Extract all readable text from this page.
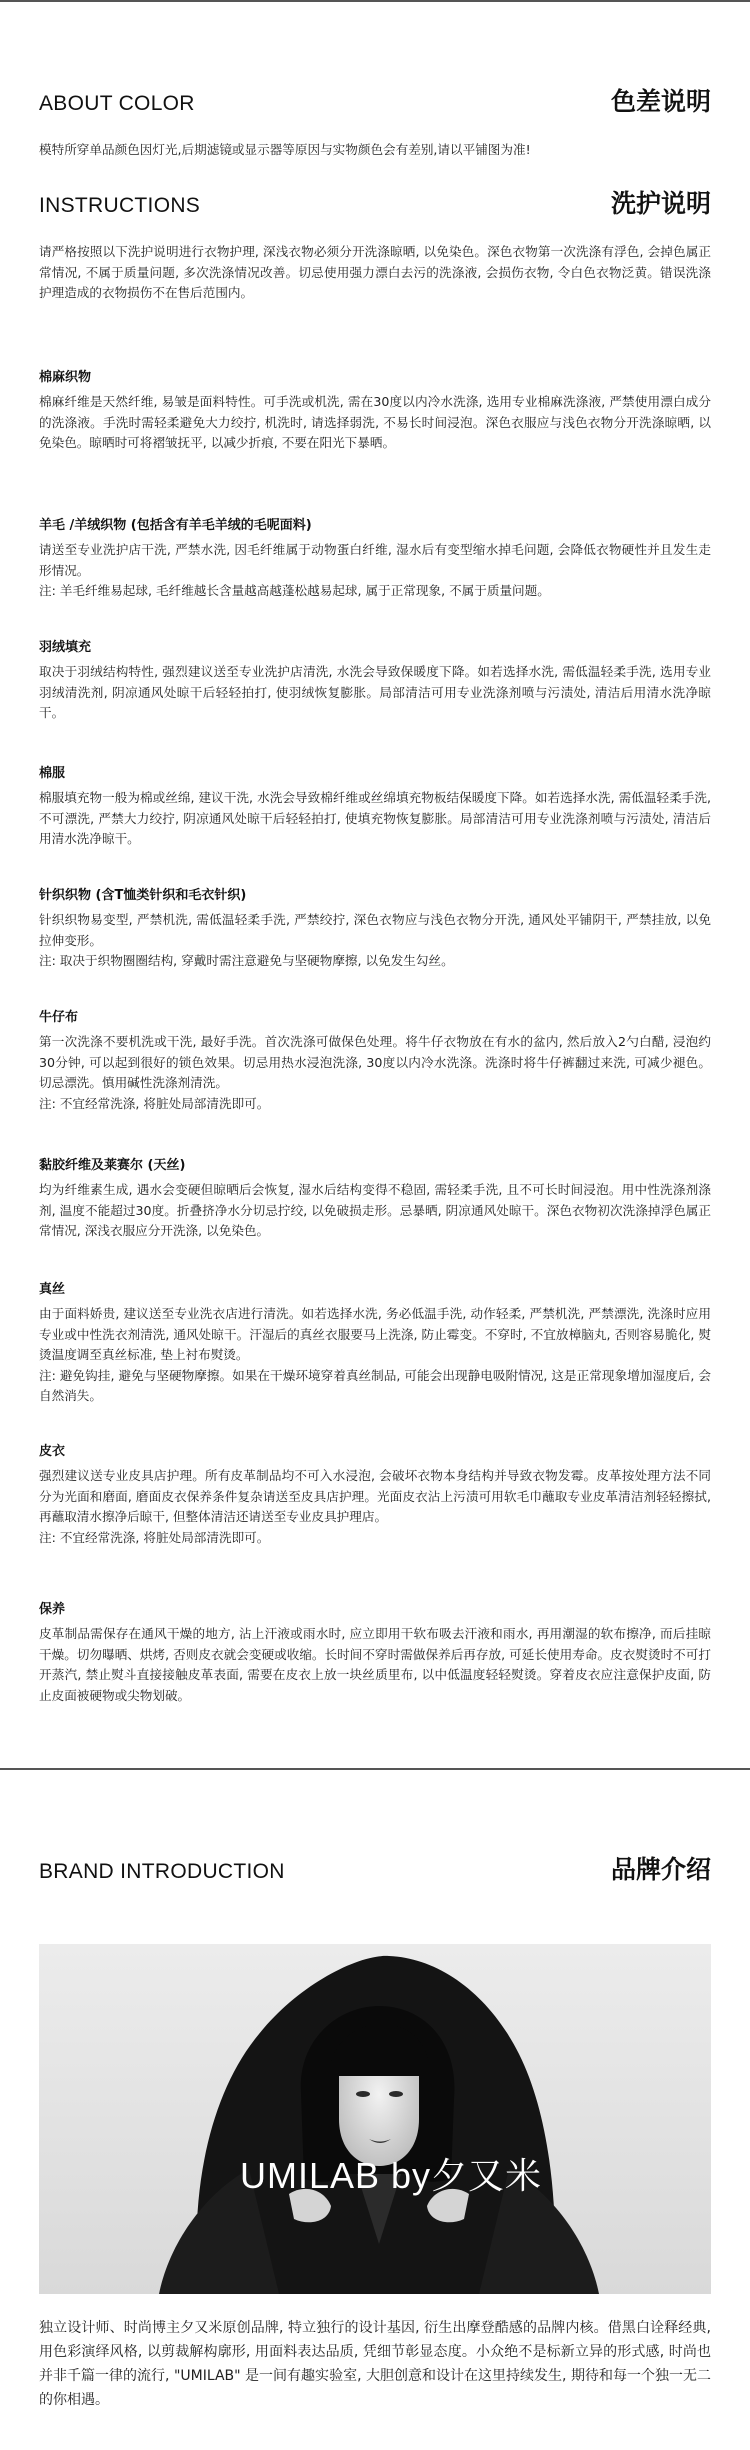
ABOUT COLOR	色差说明

模特所穿单品颜色因灯光,后期滤镜或显示器等原因与实物颜色会有差别,请以平铺图为准!

INSTRUCTIONS	洗护说明

请严格按照以下洗护说明进行衣物护理, 深浅衣物必须分开洗涤晾晒, 以免染色。深色衣物第一次洗涤有浮色, 会掉色属正常情况, 不属于质量问题, 多次洗涤情况改善。切忌使用强力漂白去污的洗涤液, 会损伤衣物, 令白色衣物泛黄。错误洗涤护理造成的衣物损伤不在售后范围内。

棉麻织物

棉麻纤维是天然纤维, 易皱是面料特性。可手洗或机洗, 需在30度以内冷水洗涤, 选用专业棉麻洗涤液, 严禁使用漂白成分的洗涤液。手洗时需轻柔避免大力绞拧, 机洗时, 请选择弱洗, 不易长时间浸泡。深色衣服应与浅色衣物分开洗涤晾晒, 以免染色。晾晒时可将褶皱抚平, 以减少折痕, 不要在阳光下暴晒。

羊毛 /羊绒织物 (包括含有羊毛羊绒的毛呢面料)

请送至专业洗护店干洗, 严禁水洗, 因毛纤维属于动物蛋白纤维, 湿水后有变型缩水掉毛问题, 会降低衣物硬性并且发生走形情况。
注: 羊毛纤维易起球, 毛纤维越长含量越高越蓬松越易起球, 属于正常现象, 不属于质量问题。

羽绒填充

取决于羽绒结构特性, 强烈建议送至专业洗护店清洗, 水洗会导致保暖度下降。如若选择水洗, 需低温轻柔手洗, 选用专业羽绒清洗剂, 阴凉通风处晾干后轻轻拍打, 使羽绒恢复膨胀。局部清洁可用专业洗涤剂喷与污渍处, 清洁后用清水洗净晾干。

棉服

棉服填充物一般为棉或丝绵, 建议干洗, 水洗会导致棉纤维或丝绵填充物板结保暖度下降。如若选择水洗, 需低温轻柔手洗, 不可漂洗, 严禁大力绞拧, 阴凉通风处晾干后轻轻拍打, 使填充物恢复膨胀。局部清洁可用专业洗涤剂喷与污渍处, 清洁后用清水洗净晾干。

针织织物 (含T恤类针织和毛衣针织)

针织织物易变型, 严禁机洗, 需低温轻柔手洗, 严禁绞拧, 深色衣物应与浅色衣物分开洗, 通风处平铺阴干, 严禁挂放, 以免拉伸变形。
注: 取决于织物圈圈结构, 穿戴时需注意避免与坚硬物摩擦, 以免发生勾丝。

牛仔布

第一次洗涤不要机洗或干洗, 最好手洗。首次洗涤可做保色处理。将牛仔衣物放在有水的盆内, 然后放入2勺白醋, 浸泡约30分钟, 可以起到很好的锁色效果。切忌用热水浸泡洗涤, 30度以内冷水洗涤。洗涤时将牛仔裤翻过来洗, 可减少褪色。切忌漂洗。慎用碱性洗涤剂清洗。
注: 不宜经常洗涤, 将脏处局部清洗即可。

黏胶纤维及莱赛尔 (天丝)

均为纤维素生成, 遇水会变硬但晾晒后会恢复, 湿水后结构变得不稳固, 需轻柔手洗, 且不可长时间浸泡。用中性洗涤剂涤剂, 温度不能超过30度。折叠挤净水分切忌拧绞, 以免破损走形。忌暴晒, 阴凉通风处晾干。深色衣物初次洗涤掉浮色属正常情况, 深浅衣服应分开洗涤, 以免染色。

真丝

由于面料娇贵, 建议送至专业洗衣店进行清洗。如若选择水洗, 务必低温手洗, 动作轻柔, 严禁机洗, 严禁漂洗, 洗涤时应用专业或中性洗衣剂清洗, 通风处晾干。汗湿后的真丝衣服要马上洗涤, 防止霉变。不穿时, 不宜放樟脑丸, 否则容易脆化, 熨烫温度调至真丝标准, 垫上衬布熨烫。
注: 避免钩挂, 避免与坚硬物摩擦。如果在干燥环境穿着真丝制品, 可能会出现静电吸附情况, 这是正常现象增加湿度后, 会自然消失。

皮衣

强烈建议送专业皮具店护理。所有皮革制品均不可入水浸泡, 会破坏衣物本身结构并导致衣物发霉。皮革按处理方法不同分为光面和磨面, 磨面皮衣保养条件复杂请送至皮具店护理。光面皮衣沾上污渍可用软毛巾蘸取专业皮革清洁剂轻轻擦拭, 再蘸取清水擦净后晾干, 但整体清洁还请送至专业皮具护理店。
注: 不宜经常洗涤, 将脏处局部清洗即可。

保养

皮革制品需保存在通风干燥的地方, 沾上汗液或雨水时, 应立即用干软布吸去汗液和雨水, 再用潮湿的软布擦净, 而后挂晾干燥。切勿曝晒、烘烤, 否则皮衣就会变硬或收缩。长时间不穿时需做保养后再存放, 可延长使用寿命。皮衣熨烫时不可打开蒸汽, 禁止熨斗直接接触皮革表面, 需要在皮衣上放一块丝质里布, 以中低温度轻轻熨烫。穿着皮衣应注意保护皮面, 防止皮面被硬物或尖物划破。

BRAND INTRODUCTION	品牌介绍
UMILAB by夕又米

独立设计师、时尚博主夕又米原创品牌, 特立独行的设计基因, 衍生出摩登酷感的品牌内核。借黑白诠释经典, 用色彩演绎风格, 以剪裁解构廓形, 用面料表达品质, 凭细节彰显态度。小众绝不是标新立异的形式感, 时尚也并非千篇一律的流行, "UMILAB" 是一间有趣实验室, 大胆创意和设计在这里持续发生, 期待和每一个独一无二的你相遇。
